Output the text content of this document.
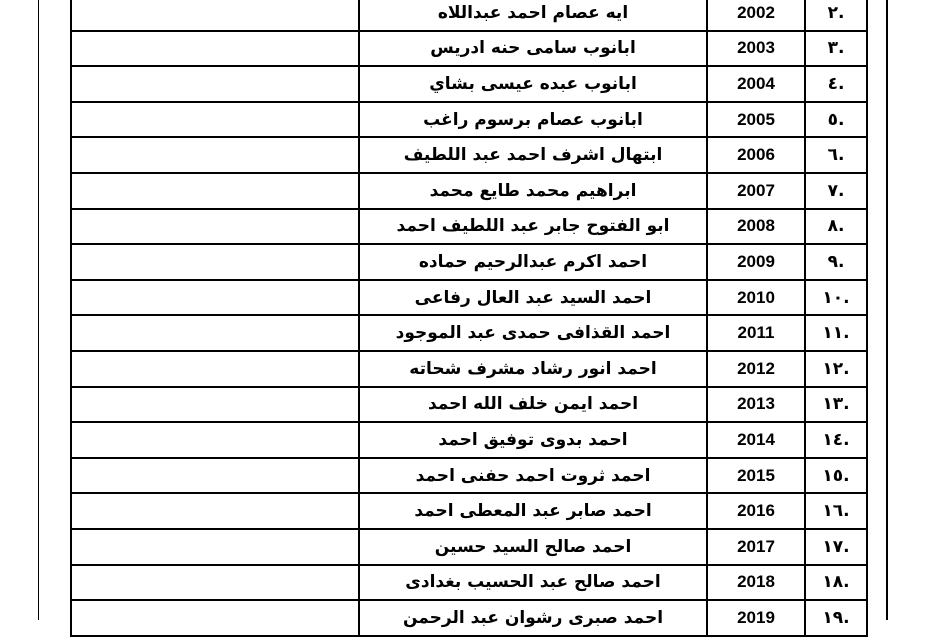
	ايه عصام احمد عبداللاه	2002	.٢
	ابانوب سامى حنه ادريس	2003	.٣
	ابانوب عبده عيسى بشاي	2004	.٤
	ابانوب عصام برسوم راغب	2005	.٥
	ابتهال اشرف احمد عبد اللطيف	2006	.٦
	ابراهيم محمد طايع محمد	2007	.٧
	ابو الفتوح جابر عبد اللطيف احمد	2008	.٨
	احمد اكرم عبدالرحيم حماده	2009	.٩
	احمد السيد عبد العال رفاعى	2010	.١٠
	احمد القذافى حمدى عبد الموجود	2011	.١١
	احمد انور رشاد مشرف شحاته	2012	.١٢
	احمد ايمن خلف الله احمد	2013	.١٣
	احمد بدوى توفيق احمد	2014	.١٤
	احمد ثروت احمد حفنى احمد	2015	.١٥
	احمد صابر عبد المعطى احمد	2016	.١٦
	احمد صالح السيد حسين	2017	.١٧
	احمد صالح عبد الحسيب بغدادى	2018	.١٨
	احمد صبرى رشوان عبد الرحمن	2019	.١٩
